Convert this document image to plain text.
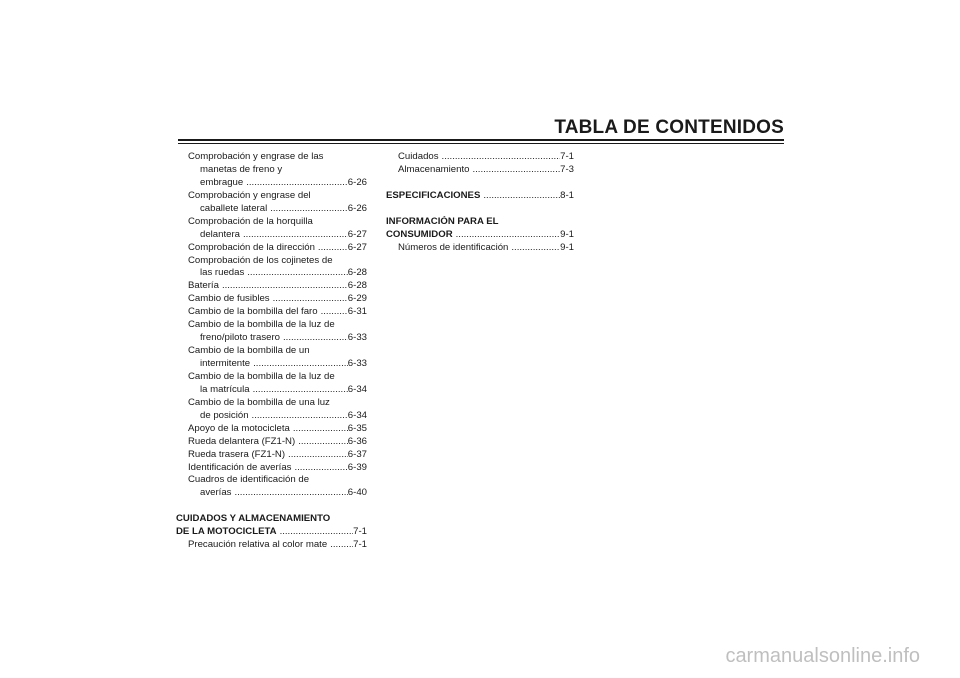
TABLA DE CONTENIDOS
Comprobación y engrase de las
manetas de freno y
embrague .....	6-26
Comprobación y engrase del
caballete lateral .....	6-26
Comprobación de la horquilla
delantera .....	6-27
Comprobación de la dirección .....	6-27
Comprobación de los cojinetes de
las ruedas .....	6-28
Batería .....	6-28
Cambio de fusibles .....	6-29
Cambio de la bombilla del faro .....	6-31
Cambio de la bombilla de la luz de
freno/piloto trasero .....	6-33
Cambio de la bombilla de un
intermitente .....	6-33
Cambio de la bombilla de la luz de
la matrícula .....	6-34
Cambio de la bombilla de una luz
de posición .....	6-34
Apoyo de la motocicleta .....	6-35
Rueda delantera (FZ1-N) .....	6-36
Rueda trasera (FZ1-N) .....	6-37
Identificación de averías .....	6-39
Cuadros de identificación de
averías .....	6-40
CUIDADOS Y ALMACENAMIENTO
DE LA MOTOCICLETA .....	7-1
Precaución relativa al color mate .....	7-1
Cuidados .....	7-1
Almacenamiento .....	7-3
ESPECIFICACIONES .....	8-1
INFORMACIÓN PARA EL
CONSUMIDOR .....	9-1
Números de identificación .....	9-1
carmanualsonline.info
